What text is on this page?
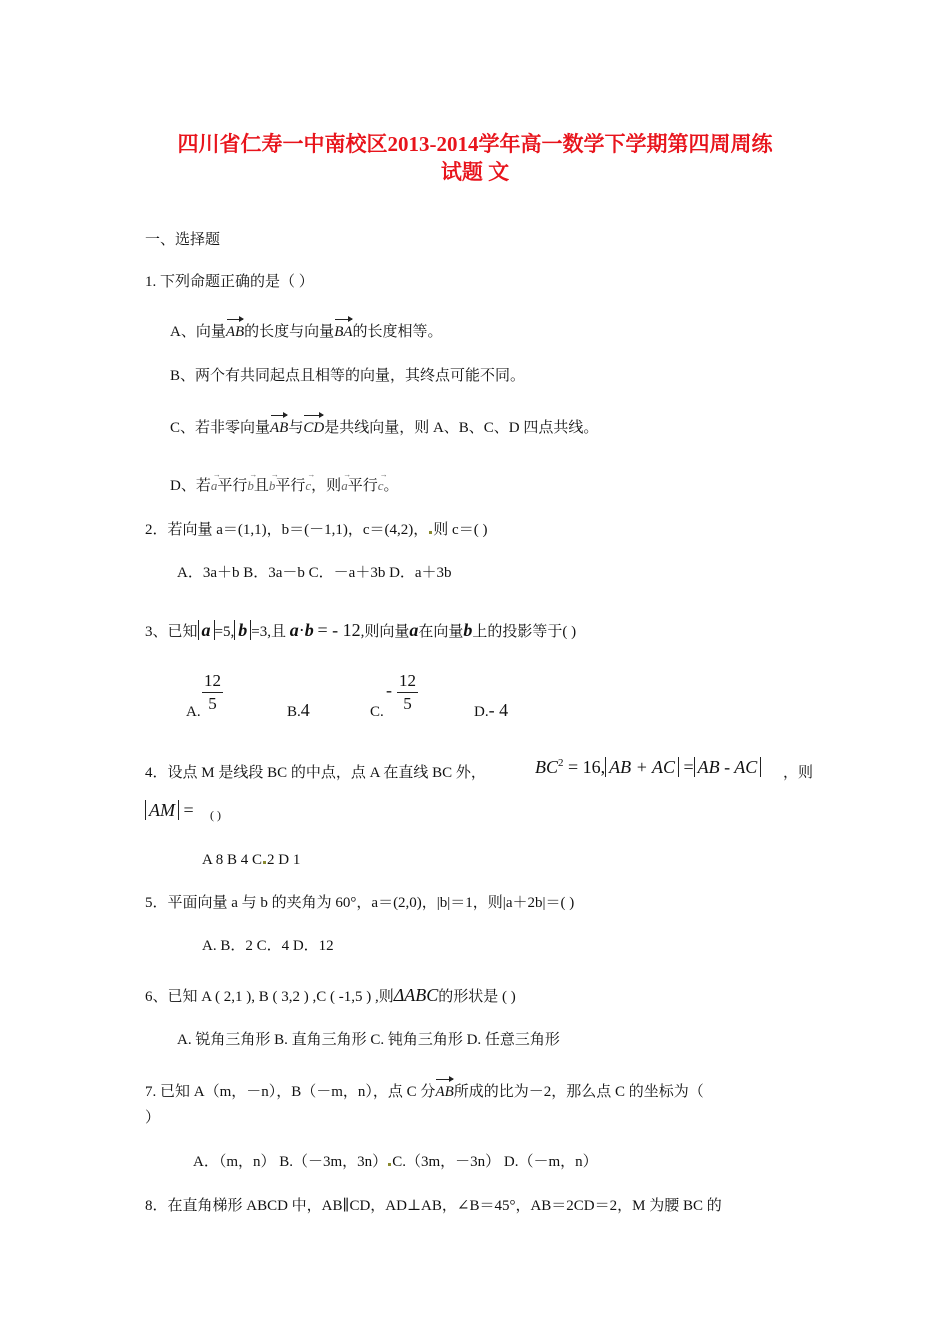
四川省仁寿一中南校区2013-2014学年高一数学下学期第四周周练
试题 文
一、选择题
1. 下列命题正确的是（ ）
A、向量AB的长度与向量BA的长度相等。
B、两个有共同起点且相等的向量，其终点可能不同。
C、若非零向量AB与CD是共线向量，则 A、B、C、D 四点共线。
D、若→ a平行→ b且→ b平行→ c，则→ a平行→ c。
2．若向量 a＝(1,1)，b＝(－1,1)，c＝(4,2)， 则 c＝( )
A．3a＋b B．3a－b C．－a＋3b D．a＋3b
3、已知 a =5, b =3,且 a·b = - 12,则向量a在向量b上的投影等于( )
A. $\frac{12}{5}$	B.4	C.
- $\frac{12}{5}$	D.- 4
4．设点 M 是线段 BC 的中点，点 A 在直线 BC 外，	$BC^2 = 16$, AB + AC = AB - AC ，则
AM = ( )
A 8 B 4 C 2 D 1
5．平面向量 a 与 b 的夹角为 60°，a＝(2,0)，|b|＝1，则|a＋2b|＝( )
A. B．2 C．4 D．12
6、已知 A ( 2,1 ), B ( 3,2 ) ,C ( -1,5 ) ,则ΔABC的形状是 ( )
A. 锐角三角形 B. 直角三角形 C. 钝角三角形 D. 任意三角形
7. 已知 A（m，－n），B（－m，n），点 C 分AB所成的比为－2，那么点 C 的坐标为（
）
A．（m，n） B.（－3m，3n） C.（3m，－3n） D.（－m，n）
8．在直角梯形 ABCD 中，AB∥CD，AD⊥AB，∠B＝45°，AB＝2CD＝2，M 为腰 BC 的
